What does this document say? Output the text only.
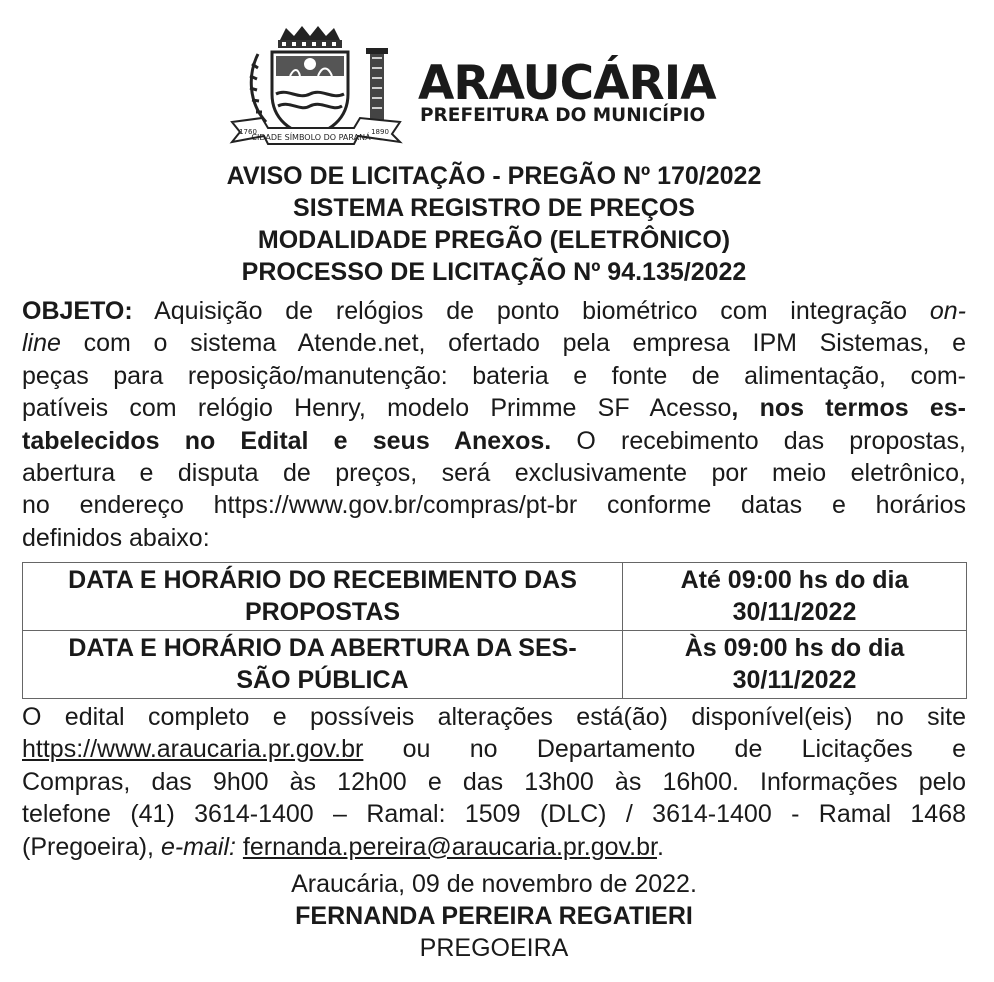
CIDADE SÍMBOLO DO PARANÁ
1760	1890
ARAUCÁRIA
PREFEITURA DO MUNICÍPIO
AVISO DE LICITAÇÃO - PREGÃO Nº 170/2022
SISTEMA REGISTRO DE PREÇOS
MODALIDADE PREGÃO (ELETRÔNICO)
PROCESSO DE LICITAÇÃO Nº 94.135/2022
OBJETO: Aquisição de relógios de ponto biométrico com integração on-
line com o sistema Atende.net, ofertado pela empresa IPM Sistemas, e
peças para reposição/manutenção: bateria e fonte de alimentação, com-
patíveis com relógio Henry, modelo Primme SF Acesso, nos termos es-
tabelecidos no Edital e seus Anexos. O recebimento das propostas,
abertura e disputa de preços, será exclusivamente por meio eletrônico,
no endereço https://www.gov.br/compras/pt-br conforme datas e horários
definidos abaixo:
DATA E HORÁRIO DO RECEBIMENTO DAS
PROPOSTAS	Até 09:00 hs do dia
30/11/2022
DATA E HORÁRIO DA ABERTURA DA SES-
SÃO PÚBLICA	Às 09:00 hs do dia
30/11/2022
O edital completo e possíveis alterações está(ão) disponível(eis) no site
https://www.araucaria.pr.gov.br ou no Departamento de Licitações e
Compras, das 9h00 às 12h00 e das 13h00 às 16h00. Informações pelo
telefone (41) 3614-1400 – Ramal: 1509 (DLC) / 3614-1400 - Ramal 1468
(Pregoeira), e-mail: fernanda.pereira@araucaria.pr.gov.br.
Araucária, 09 de novembro de 2022.
FERNANDA PEREIRA REGATIERI
PREGOEIRA
